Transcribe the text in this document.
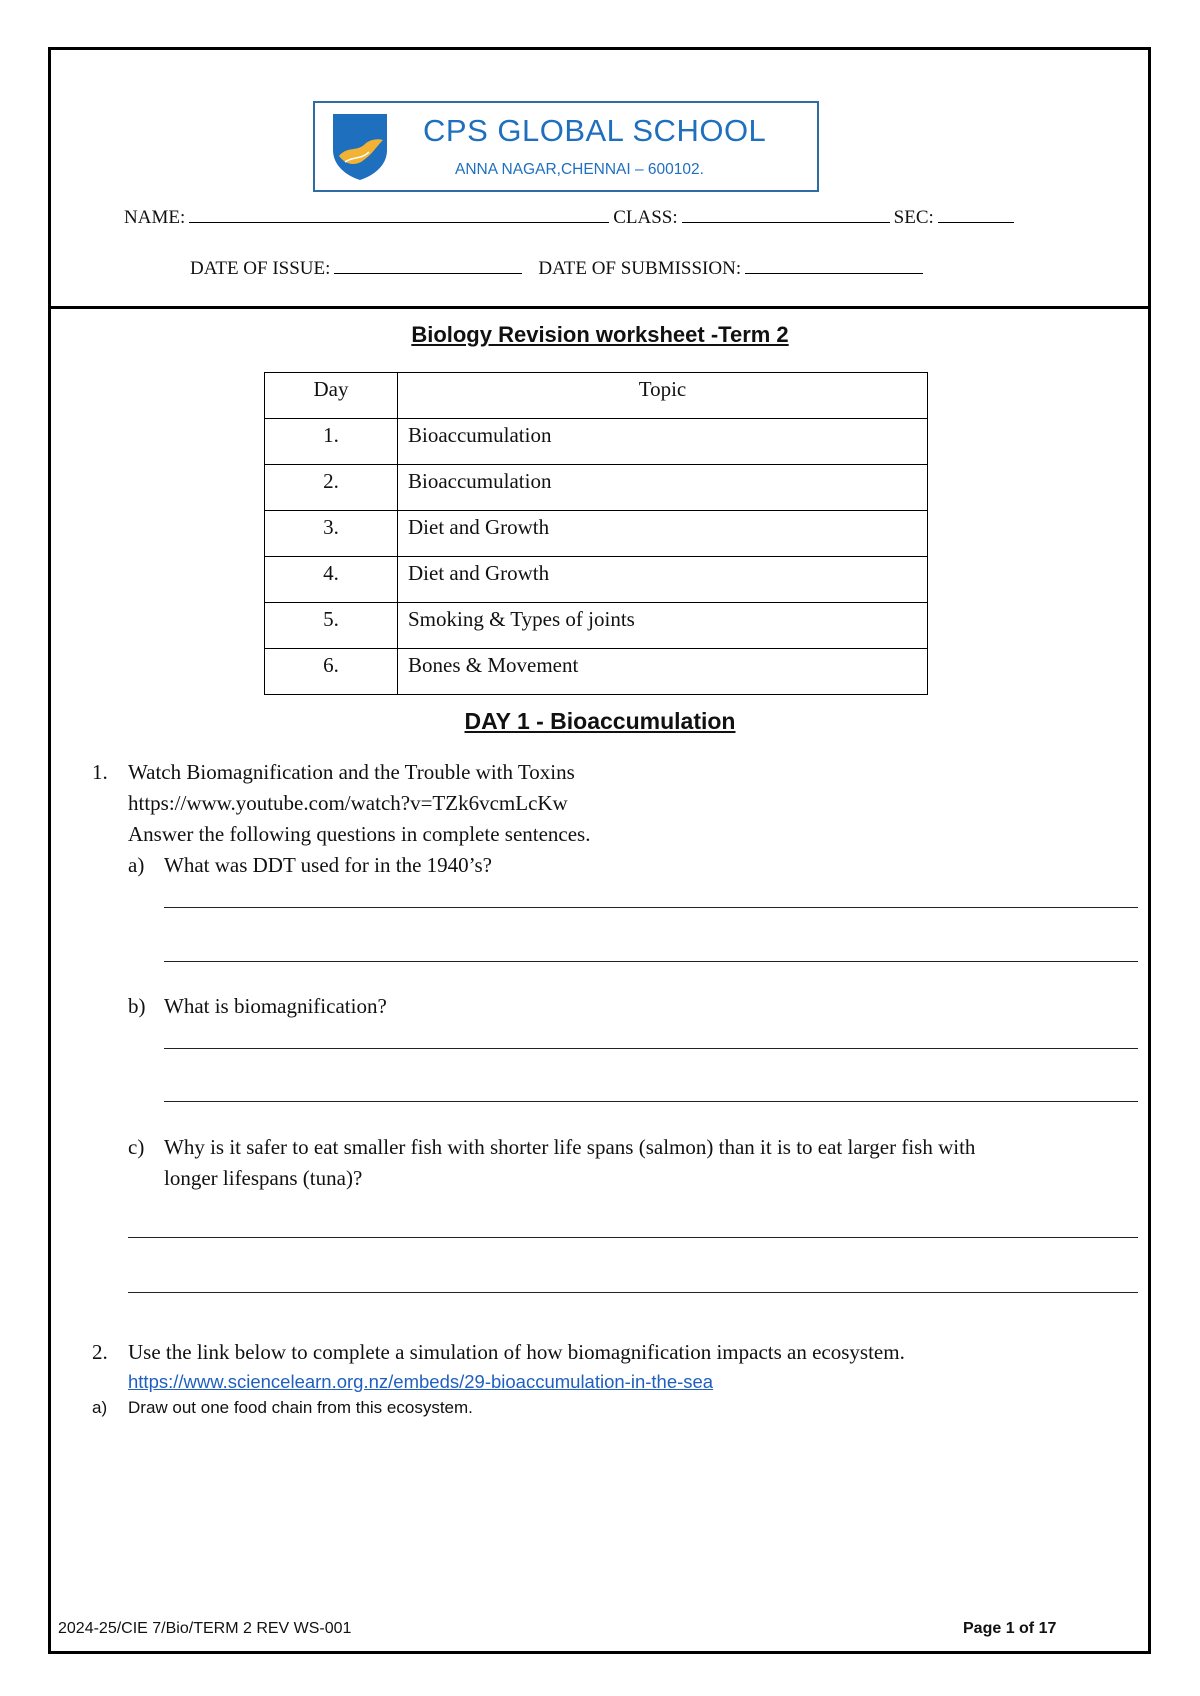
CPS GLOBAL SCHOOL
ANNA NAGAR,CHENNAI – 600102.
NAME:	CLASS:	SEC:
DATE OF ISSUE:	DATE OF SUBMISSION:
Biology Revision worksheet -Term 2
Day	Topic
1.	Bioaccumulation
2.	Bioaccumulation
3.	Diet and Growth
4.	Diet and Growth
5.	Smoking & Types of joints
6.	Bones & Movement
DAY 1 - Bioaccumulation
1. Watch Biomagnification and the Trouble with Toxins
https://www.youtube.com/watch?v=TZk6vcmLcKw
Answer the following questions in complete sentences.
a) What was DDT used for in the 1940’s?
b) What is biomagnification?
c) Why is it safer to eat smaller fish with shorter life spans (salmon) than it is to eat larger fish with
longer lifespans (tuna)?
2. Use the link below to complete a simulation of how biomagnification impacts an ecosystem.
https://www.sciencelearn.org.nz/embeds/29-bioaccumulation-in-the-sea
a) Draw out one food chain from this ecosystem.
2024-25/CIE 7/Bio/TERM 2 REV WS-001	Page 1 of 17
